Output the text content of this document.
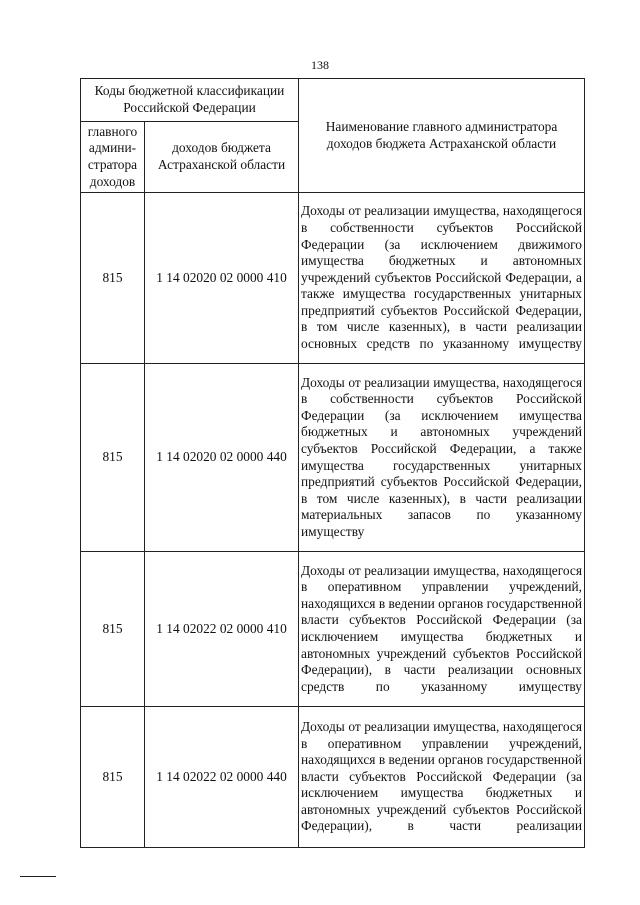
138
Коды бюджетной классификации Российской Федерации		Наименование главного администратора доходов бюджета Астраханской области
главного админи-стратора доходов	доходов бюджета Астраханской области	
815	1 14 02020 02 0000 410	Доходы от реализации имущества, находящегося в собственности субъектов Российской Федерации (за исключением движимого имущества бюджетных и автономных учреждений субъектов Российской Федерации, а также имущества государственных унитарных предприятий субъектов Российской Федерации, в том числе казенных), в части реализации основных средств по указанному имуществу
815	1 14 02020 02 0000 440	Доходы от реализации имущества, находящегося в собственности субъектов Российской Федерации (за исключением имущества бюджетных и автономных учреждений субъектов Российской Федерации, а также имущества государственных унитарных предприятий субъектов Российской Федерации, в том числе казенных), в части реализации материальных запасов по указанному имуществу
815	1 14 02022 02 0000 410	Доходы от реализации имущества, находящегося в оперативном управлении учреждений, находящихся в ведении органов государственной власти субъектов Российской Федерации (за исключением имущества бюджетных и автономных учреждений субъектов Российской Федерации), в части реализации основных средств по указанному имуществу
815	1 14 02022 02 0000 440	Доходы от реализации имущества, находящегося в оперативном управлении учреждений, находящихся в ведении органов государственной власти субъектов Российской Федерации (за исключением имущества бюджетных и автономных учреждений субъектов Российской Федерации), в части реализации
